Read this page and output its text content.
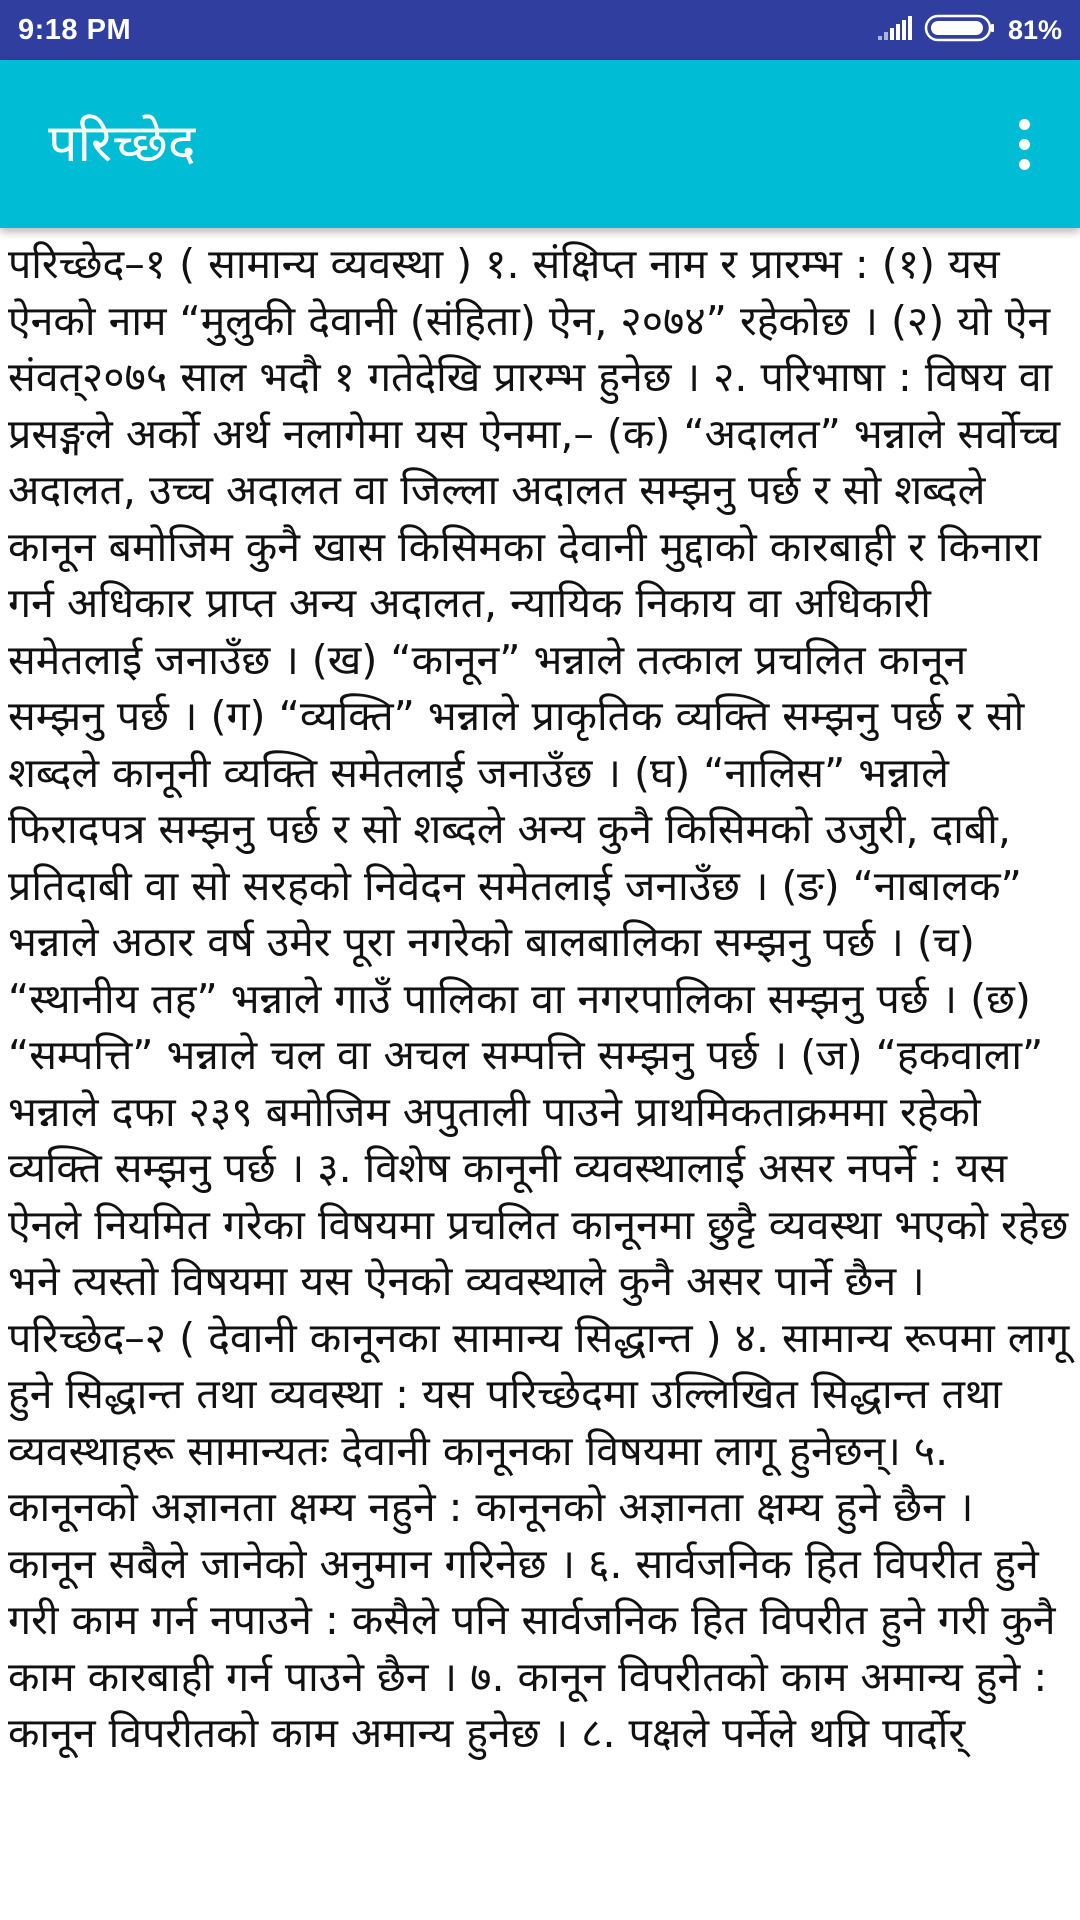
9:18 PM	81%
परिच्छेद

परिच्छेद–१ ( सामान्य व्यवस्था ) १. संक्षिप्त नाम र प्रारम्भ : (१) यस ऐनको नाम “मुलुकी देवानी (संहिता) ऐन, २०७४” रहेकोछ । (२) यो ऐन संवत्२०७५ साल भदौ १ गतेदेखि प्रारम्भ हुनेछ । २. परिभाषा : विषय वा प्रसङ्गले अर्को अर्थ नलागेमा यस ऐनमा,– (क) “अदालत” भन्नाले सर्वोच्च अदालत, उच्च अदालत वा जिल्ला अदालत सम्झनु पर्छ र सो शब्दले कानून बमोजिम कुनै खास किसिमका देवानी मुद्दाको कारबाही र किनारा गर्न अधिकार प्राप्त अन्य अदालत, न्यायिक निकाय वा अधिकारी समेतलाई जनाउँछ । (ख) “कानून” भन्नाले तत्काल प्रचलित कानून सम्झनु पर्छ । (ग) “व्यक्ति” भन्नाले प्राकृतिक व्यक्ति सम्झनु पर्छ र सो शब्दले कानूनी व्यक्ति समेतलाई जनाउँछ । (घ) “नालिस” भन्नाले फिरादपत्र सम्झनु पर्छ र सो शब्दले अन्य कुनै किसिमको उजुरी, दाबी, प्रतिदाबी वा सो सरहको निवेदन समेतलाई जनाउँछ । (ङ) “नाबालक” भन्नाले अठार वर्ष उमेर पूरा नगरेको बालबालिका सम्झनु पर्छ । (च) “स्थानीय तह” भन्नाले गाउँ पालिका वा नगरपालिका सम्झनु पर्छ । (छ) “सम्पत्ति” भन्नाले चल वा अचल सम्पत्ति सम्झनु पर्छ । (ज) “हकवाला” भन्नाले दफा २३९ बमोजिम अपुताली पाउने प्राथमिकताक्रममा रहेको व्यक्ति सम्झनु पर्छ । ३. विशेष कानूनी व्यवस्थालाई असर नपर्ने : यस ऐनले नियमित गरेका विषयमा प्रचलित कानूनमा छुट्टै व्यवस्था भएको रहेछ भने त्यस्तो विषयमा यस ऐनको व्यवस्थाले कुनै असर पार्ने छैन । परिच्छेद–२ ( देवानी कानूनका सामान्य सिद्धान्त ) ४. सामान्य रूपमा लागू हुने सिद्धान्त तथा व्यवस्था : यस परिच्छेदमा उल्लिखित सिद्धान्त तथा व्यवस्थाहरू सामान्यतः देवानी कानूनका विषयमा लागू हुनेछन्। ५. कानूनको अज्ञानता क्षम्य नहुने : कानूनको अज्ञानता क्षम्य हुने छैन । कानून सबैले जानेको अनुमान गरिनेछ । ६. सार्वजनिक हित विपरीत हुने गरी काम गर्न नपाउने : कसैले पनि सार्वजनिक हित विपरीत हुने गरी कुनै काम कारबाही गर्न पाउने छैन । ७. कानून विपरीतको काम अमान्य हुने : कानून विपरीतको काम अमान्य हुनेछ । ८. पक्षले पर्नेले थप्नि पार्दोर्
